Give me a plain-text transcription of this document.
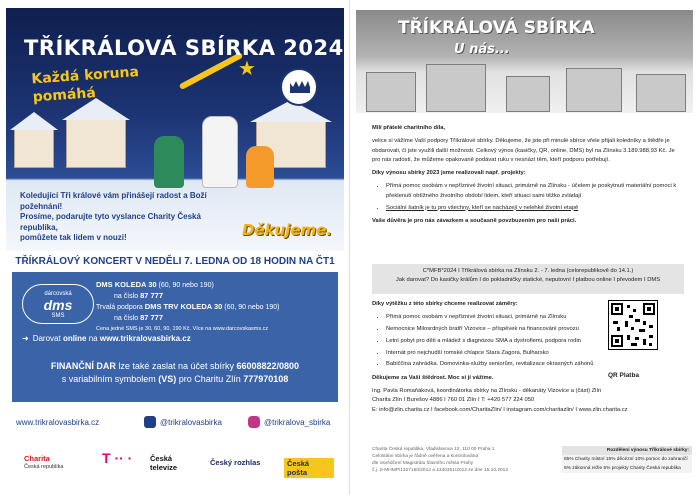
★
TŘÍKRÁLOVÁ SBÍRKA 2024
Každá koruna
pomáhá
Koledující Tři králové vám přinášejí radost a Boží požehnání!
Prosíme, podarujte tyto vyslance Charity Česká republika,
pomůžete tak lidem v nouzi!	Děkujeme.
TŘÍKRÁLOVÝ KONCERT V NEDĚLI 7. LEDNA OD 18 HODIN NA ČT1
dárcovská
dms
SMS
DMS KOLEDA 30 (60, 90 nebo 190)
na číslo 87 777
Trvalá podpora DMS TRV KOLEDA 30 (60, 90 nebo 190)
na číslo 87 777
Cena jedné SMS je 30, 60, 90, 190 Kč. Více na www.darcovskasms.cz
➜ Darovat online na www.trikralovasbirka.cz
FINANČNÍ DAR lze také zaslat na účet sbírky 66008822/0800
s variabilním symbolem (VS) pro Charitu Zlín 777970108
www.trikralovasbirka.cz	@trikralovasbirka	@trikralova_sbirka
Charita
Česká republika
T ·· · Česká
televize
Český rozhlas	Česká pošta
TŘÍKRÁLOVÁ SBÍRKA
U nás...
Milí přátelé charitního díla,
velice si vážíme Vaší podpory Tříkrálové sbírky. Děkujeme, že jste při minulé sbírce vřele přijali koledníky a štědře je obdarovali, či jste využili další možnosti. Celkový výnos (kasičky, QR, online, DMS) byl na Zlínsku 3.189.988,93 Kč. Je pro nás radostí, že můžeme opakovaně podávat ruku v nesnází těm, kteří podporu potřebují.
Díky výnosu sbírky 2023 jsme realizovali např. projekty:
• Přímá pomoc osobám v nepříznivé životní situaci, primárně na Zlínsku - účelem je poskytnutí materiální pomoci k překlenutí obtížného životního období lidem, kteří situaci sami těžko zvládají
• Sociální šatník je tu pro všechny, kteří se nacházejí v nelehké životní etapě
Vaše důvěra je pro nás závazkem a současně povzbuzením pro naši práci.
C*MFB*2024 I Tříkrálová sbírka na Zlínsku 2. - 7. ledna (celorepublikově do 14.1.)
Jak darovat? Do kasičky králům I do pokladničky statické, neputovní I platbou online I převodem I DMS
Díky výtěžku z této sbírky chceme realizovat záměry:
• Přímá pomoc osobám v nepříznivé životní situaci, primárně na Zlínsku
• Nemocnice Milosrdných bratří Vizovice – příspěvek na financování provozu
• Letní pobyt pro děti a mládež s diagnózou SMA a dystrofiemi, podpora rodin
• Internát pro nejchudší romské chlapce Stara Zagora, Bulharsko
• Babiččina zahrádka. Domovinka-služby seniorům, revitalizace okrasných záhonů
Děkujeme za Vaši štědrost. Moc si jí vážíme.
Ing. Pavla Romaňáková, koordinátorka sbírky na Zlínsku - děkanáty Vizovice a (část) Zlín
Charita Zlín I Burešov 4886 I 760 01 Zlín I T: +420 577 224 050
E: info@zlin.charita.cz I facebook.com/CharitaZlin/ I instagram.com/charitazlin/ I www.zlin.charita.cz
QR Platba
Charita Česká republika, Vladislavova 12, 110 00 Praha 1
Celostátní sbírka je řádně ověřena a kontrolována
dle osvědčení Magistrátu hlavního města Prahy
č.j. S-MHMP/1327150/2012 a 1340351/2012 ze dne 15.10.2012
Rozdělení výnosu Tříkrálové sbírky:
65% Charity místní 15% děcézní 10% pomoc do zahraničí
5% zákonná režie 5% projekty Charity Česká republika
